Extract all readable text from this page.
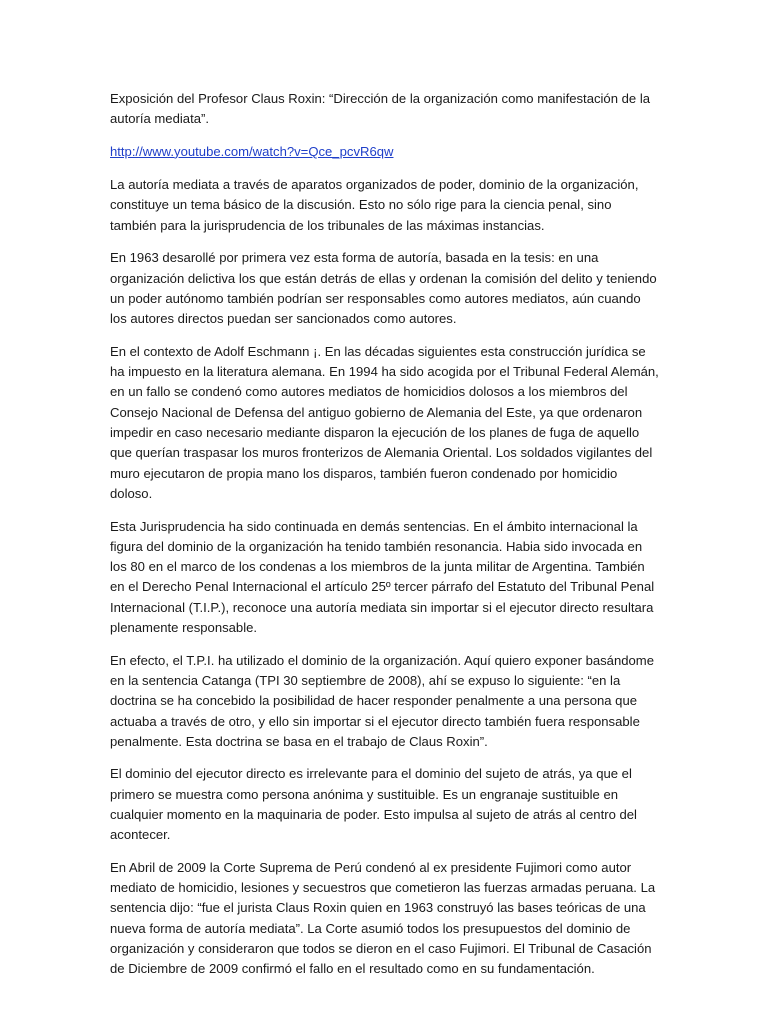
Exposición del Profesor Claus Roxin: “Dirección de la organización como manifestación de la autoría mediata”.

http://www.youtube.com/watch?v=Qce_pcvR6qw

La autoría mediata a través de aparatos organizados de poder, dominio de la organización, constituye un tema básico de la discusión. Esto no sólo rige para la ciencia penal, sino también para la jurisprudencia de los tribunales de las máximas instancias.

En 1963 desarollé por primera vez esta forma de autoría, basada en la tesis: en una organización delictiva los que están detrás de ellas y ordenan la comisión del delito y teniendo un poder autónomo también podrían ser responsables como autores mediatos, aún cuando los autores directos puedan ser sancionados como autores.

En el contexto de Adolf Eschmann ¡. En las décadas siguientes esta construcción jurídica se ha impuesto en la literatura alemana. En 1994 ha sido acogida por el Tribunal Federal Alemán, en un fallo se condenó como autores mediatos de homicidios dolosos a los miembros del Consejo Nacional de Defensa del antiguo gobierno de Alemania del Este, ya que ordenaron impedir en caso necesario mediante disparon la ejecución de los planes de fuga de aquello que querían traspasar los muros fronterizos de Alemania Oriental. Los soldados vigilantes del muro ejecutaron de propia mano los disparos, también fueron condenado por homicidio doloso.

Esta Jurisprudencia ha sido continuada en demás sentencias. En el ámbito internacional la figura del dominio de la organización ha tenido también resonancia. Habia sido invocada en los 80 en el marco de los condenas a los miembros de la junta militar de Argentina. También en el Derecho Penal Internacional el artículo 25º tercer párrafo del Estatuto del Tribunal Penal Internacional (T.I.P.), reconoce una autoría mediata sin importar si el ejecutor directo resultara plenamente responsable.

En efecto, el T.P.I. ha utilizado el dominio de la organización. Aquí quiero exponer basándome en la sentencia Catanga (TPI 30 septiembre de 2008), ahí se expuso lo siguiente: “en la doctrina se ha concebido la posibilidad de hacer responder penalmente a una persona que actuaba a través de otro, y ello sin importar si el ejecutor directo también fuera responsable penalmente. Esta doctrina se basa en el trabajo de Claus Roxin”.

El dominio del ejecutor directo es irrelevante para el dominio del sujeto de atrás, ya que el primero se muestra como persona anónima y sustituible. Es un engranaje sustituible en cualquier momento en la maquinaria de poder. Esto impulsa al sujeto de atrás al centro del acontecer.

En Abril de 2009 la Corte Suprema de Perú condenó al ex presidente Fujimori como autor mediato de homicidio, lesiones y secuestros que cometieron las fuerzas armadas peruana. La sentencia dijo: “fue el jurista Claus Roxin quien en 1963 construyó las bases teóricas de una nueva forma de autoría mediata”. La Corte asumió todos los presupuestos del dominio de organización y consideraron que todos se dieron en el caso Fujimori. El Tribunal de Casación de Diciembre de 2009 confirmó el fallo en el resultado como en su fundamentación.
